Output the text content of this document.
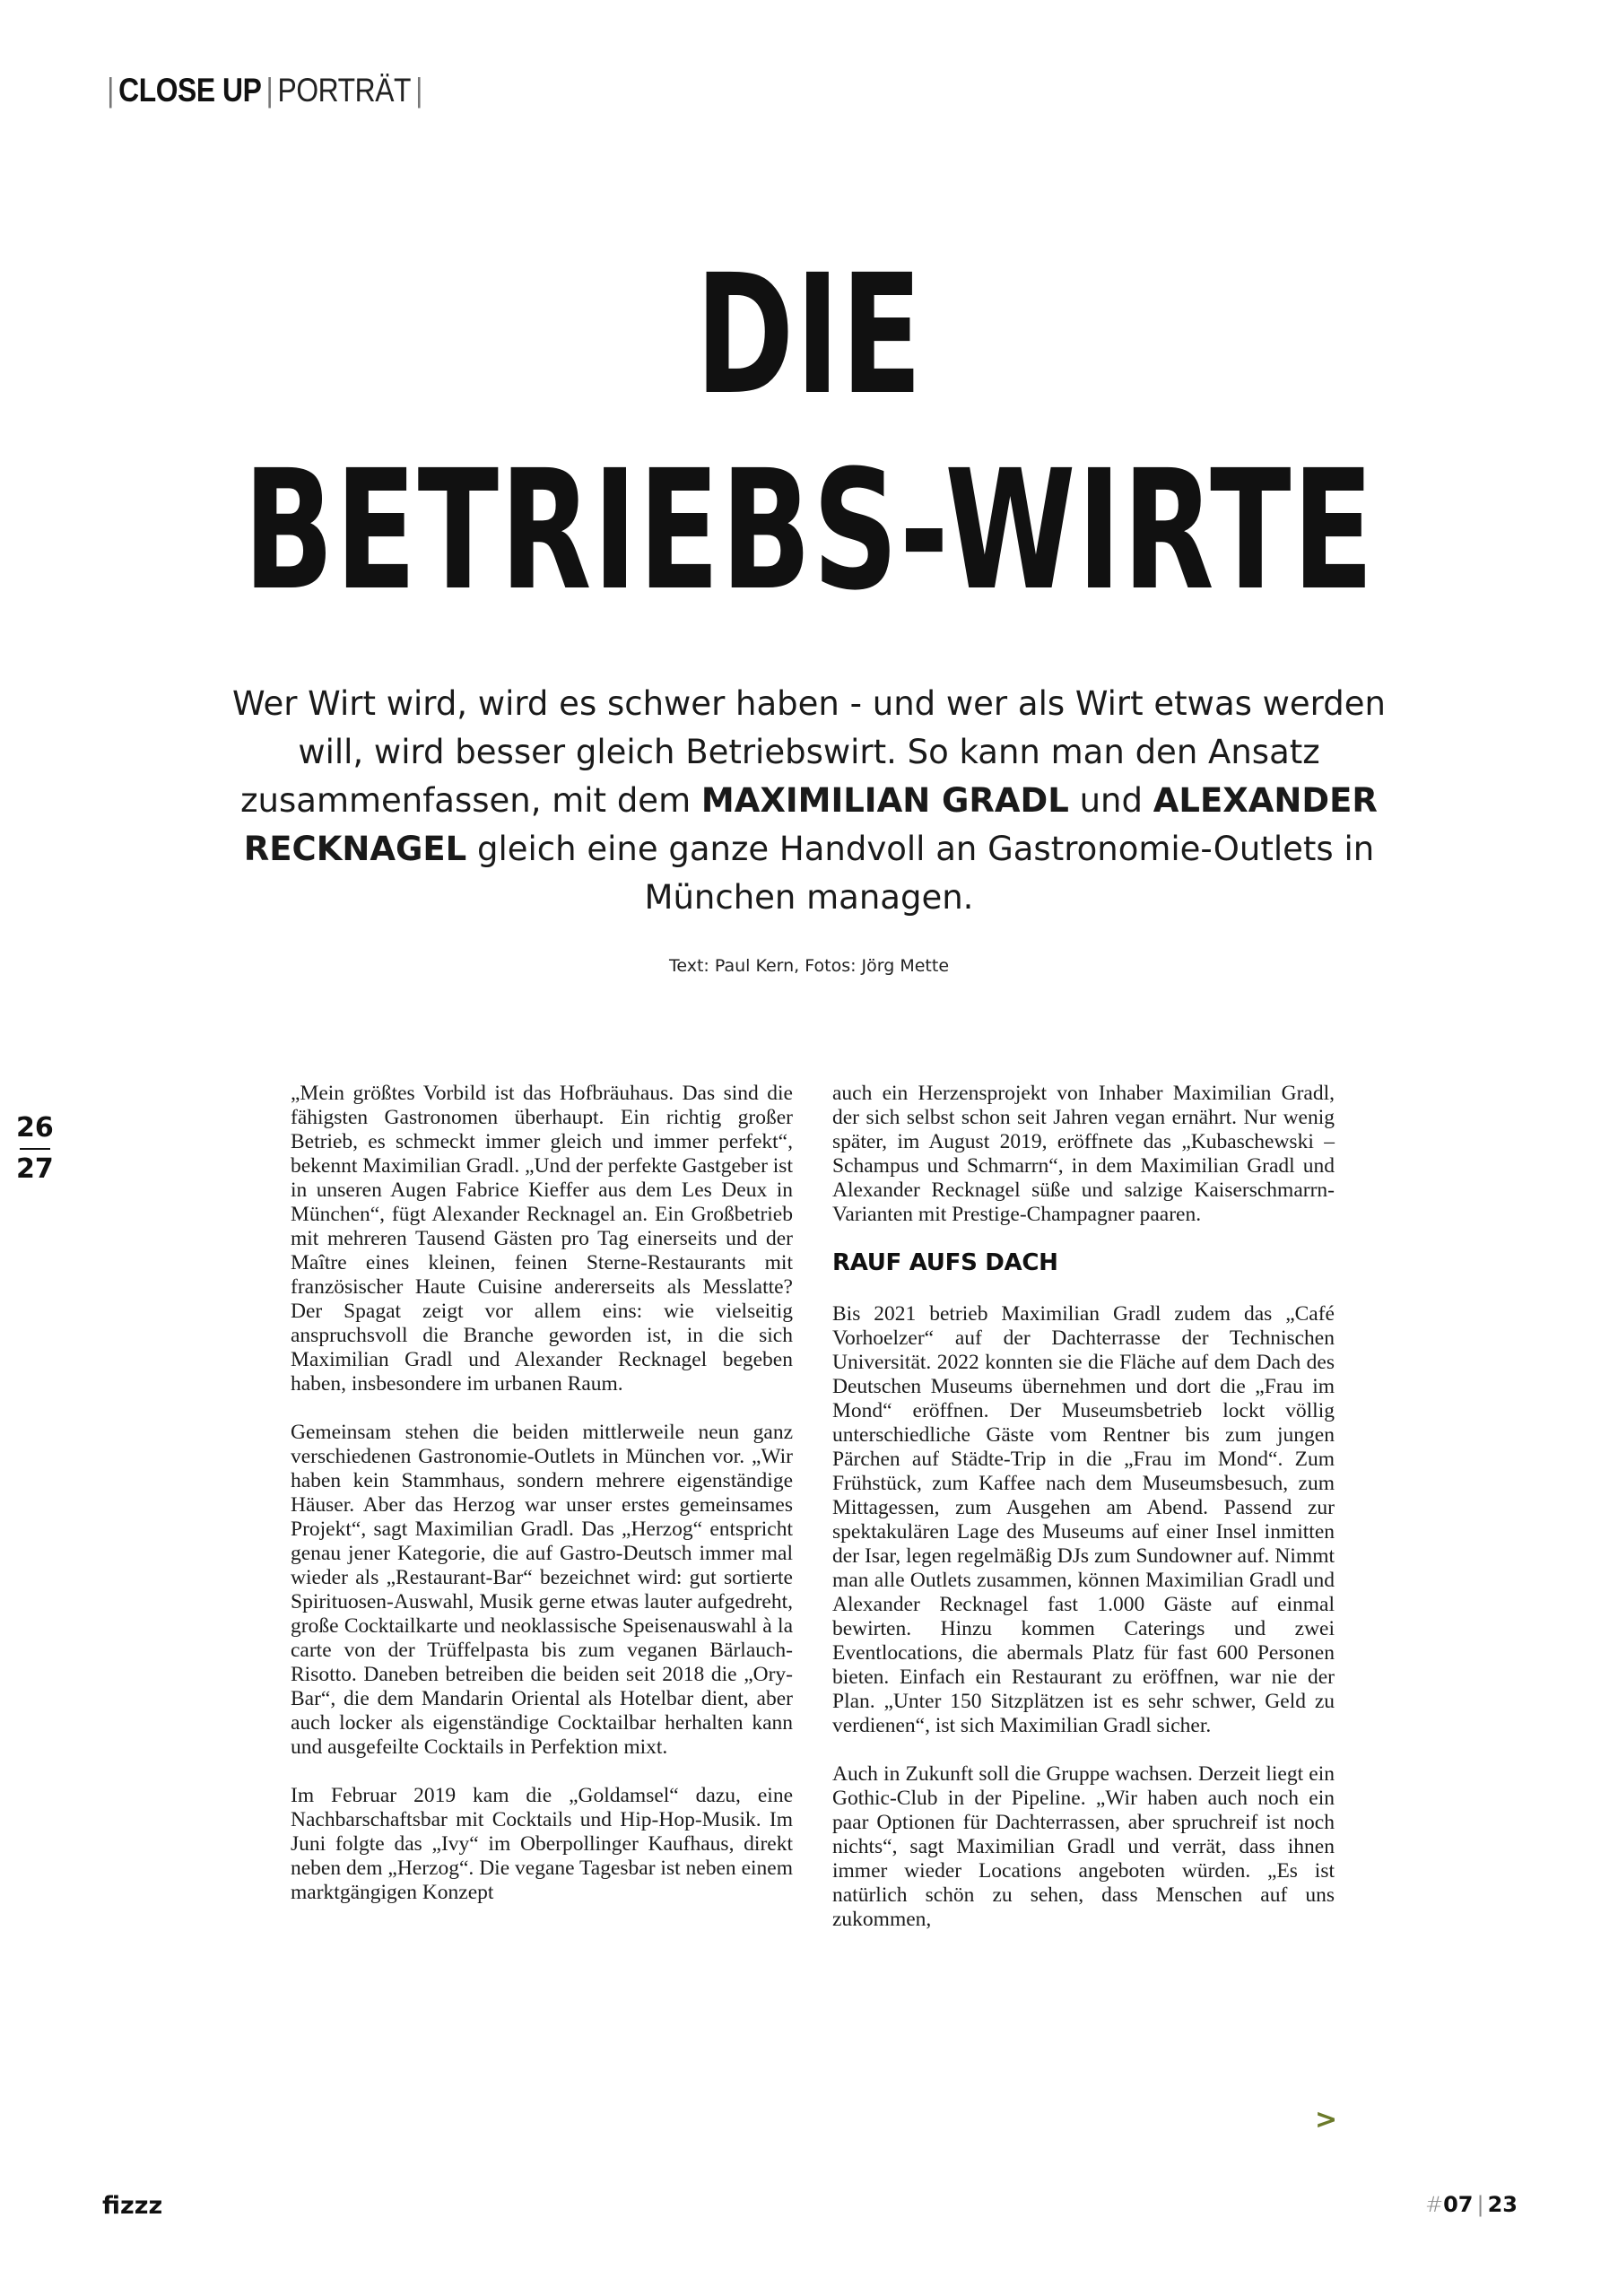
| CLOSE UP | PORTRÄT |
DIE
BETRIEBS-WIRTE

Wer Wirt wird, wird es schwer haben - und wer als Wirt etwas werden will, wird besser gleich Betriebswirt. So kann man den Ansatz zusammenfassen, mit dem MAXIMILIAN GRADL und ALEXANDER RECKNAGEL gleich eine ganze Handvoll an Gastronomie-Outlets in München managen.

Text: Paul Kern, Fotos: Jörg Mette
26
27

„Mein größtes Vorbild ist das Hofbräuhaus. Das sind die fähigsten Gastronomen überhaupt. Ein richtig großer Betrieb, es schmeckt immer gleich und immer perfekt“, bekennt Maximilian Gradl. „Und der perfekte Gastgeber ist in unseren Augen Fabrice Kieffer aus dem Les Deux in München“, fügt Alexander Recknagel an. Ein Großbetrieb mit mehreren Tausend Gästen pro Tag einerseits und der Maître eines kleinen, feinen Sterne-Restaurants mit französischer Haute Cuisine andererseits als Messlatte? Der Spagat zeigt vor allem eins: wie vielseitig anspruchsvoll die Branche geworden ist, in die sich Maximilian Gradl und Alexander Recknagel begeben haben, insbesondere im urbanen Raum.

Gemeinsam stehen die beiden mittlerweile neun ganz verschiedenen Gastronomie-Outlets in München vor. „Wir haben kein Stammhaus, sondern mehrere eigenständige Häuser. Aber das Herzog war unser erstes gemeinsames Projekt“, sagt Maximilian Gradl. Das „Herzog“ entspricht genau jener Kategorie, die auf Gastro-Deutsch immer mal wieder als „Restaurant-Bar“ bezeichnet wird: gut sortierte Spirituosen-Auswahl, Musik gerne etwas lauter aufgedreht, große Cocktailkarte und neoklassische Speisenauswahl à la carte von der Trüffelpasta bis zum veganen Bärlauch-Risotto. Daneben betreiben die beiden seit 2018 die „Ory-Bar“, die dem Mandarin Oriental als Hotelbar dient, aber auch locker als eigenständige Cocktailbar herhalten kann und ausgefeilte Cocktails in Perfektion mixt.

Im Februar 2019 kam die „Goldamsel“ dazu, eine Nachbarschaftsbar mit Cocktails und Hip-Hop-Musik. Im Juni folgte das „Ivy“ im Oberpollinger Kaufhaus, direkt neben dem „Herzog“. Die vegane Tagesbar ist neben einem marktgängigen Konzept

auch ein Herzensprojekt von Inhaber Maximilian Gradl, der sich selbst schon seit Jahren vegan ernährt. Nur wenig später, im August 2019, eröffnete das „Kubaschewski – Schampus und Schmarrn“, in dem Maximilian Gradl und Alexander Recknagel süße und salzige Kaiserschmarrn-Varianten mit Prestige-Champagner paaren.

RAUF AUFS DACH

Bis 2021 betrieb Maximilian Gradl zudem das „Café Vorhoelzer“ auf der Dachterrasse der Technischen Universität. 2022 konnten sie die Fläche auf dem Dach des Deutschen Museums übernehmen und dort die „Frau im Mond“ eröffnen. Der Museumsbetrieb lockt völlig unterschiedliche Gäste vom Rentner bis zum jungen Pärchen auf Städte-Trip in die „Frau im Mond“. Zum Frühstück, zum Kaffee nach dem Museumsbesuch, zum Mittagessen, zum Ausgehen am Abend. Passend zur spektakulären Lage des Museums auf einer Insel inmitten der Isar, legen regelmäßig DJs zum Sundowner auf. Nimmt man alle Outlets zusammen, können Maximilian Gradl und Alexander Recknagel fast 1.000 Gäste auf einmal bewirten. Hinzu kommen Caterings und zwei Eventlocations, die abermals Platz für fast 600 Personen bieten. Einfach ein Restaurant zu eröffnen, war nie der Plan. „Unter 150 Sitzplätzen ist es sehr schwer, Geld zu verdienen“, ist sich Maximilian Gradl sicher.

Auch in Zukunft soll die Gruppe wachsen. Derzeit liegt ein Gothic-Club in der Pipeline. „Wir haben auch noch ein paar Optionen für Dachterrassen, aber spruchreif ist noch nichts“, sagt Maximilian Gradl und verrät, dass ihnen immer wieder Locations angeboten würden. „Es ist natürlich schön zu sehen, dass Menschen auf uns zukommen,

>
fizzz	#07 | 23
